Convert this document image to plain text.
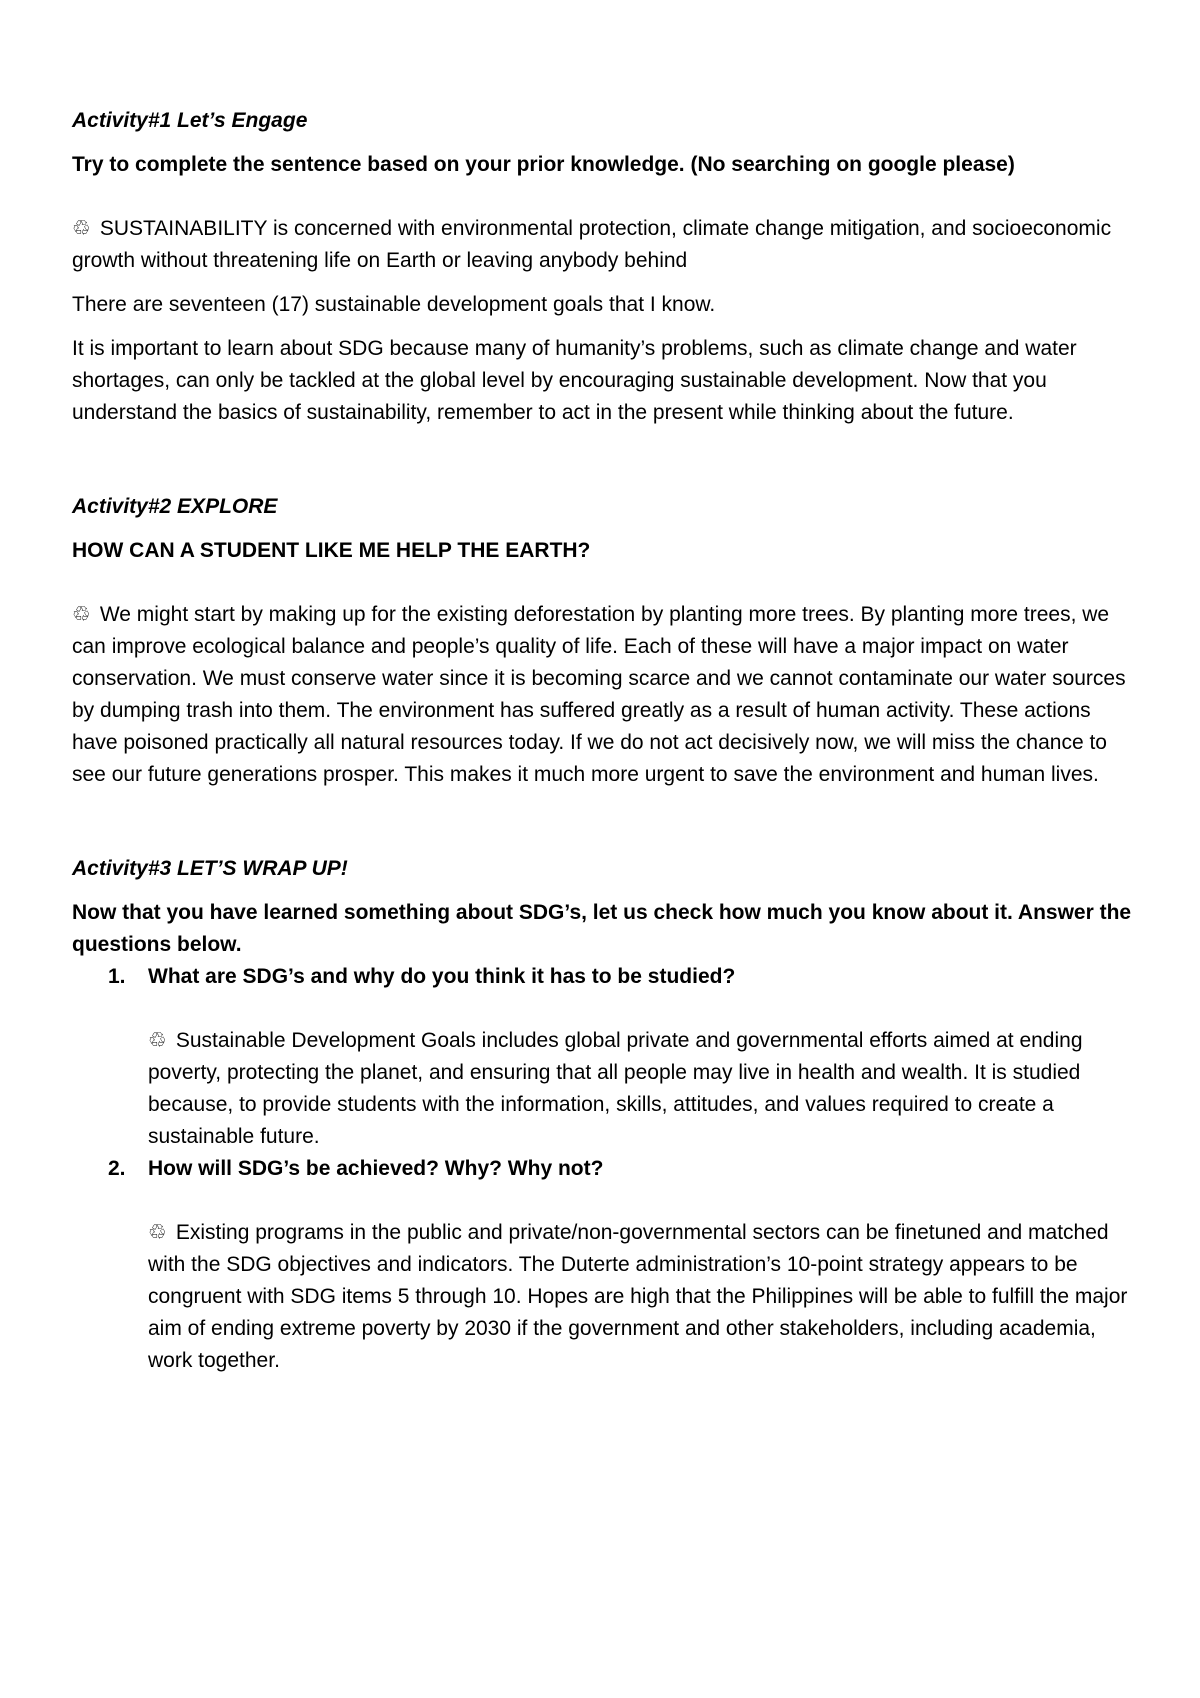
Activity#1 Let’s Engage

Try to complete the sentence based on your prior knowledge. (No searching on google please)

♲ SUSTAINABILITY is concerned with environmental protection, climate change mitigation, and socioeconomic growth without threatening life on Earth or leaving anybody behind

There are seventeen (17) sustainable development goals that I know.

It is important to learn about SDG because many of humanity’s problems, such as climate change and water shortages, can only be tackled at the global level by encouraging sustainable development. Now that you understand the basics of sustainability, remember to act in the present while thinking about the future.

Activity#2 EXPLORE

HOW CAN A STUDENT LIKE ME HELP THE EARTH?

♲ We might start by making up for the existing deforestation by planting more trees. By planting more trees, we can improve ecological balance and people’s quality of life. Each of these will have a major impact on water conservation. We must conserve water since it is becoming scarce and we cannot contaminate our water sources by dumping trash into them. The environment has suffered greatly as a result of human activity. These actions have poisoned practically all natural resources today. If we do not act decisively now, we will miss the chance to see our future generations prosper. This makes it much more urgent to save the environment and human lives.

Activity#3 LET’S WRAP UP!

Now that you have learned something about SDG’s, let us check how much you know about it. Answer the questions below.

1. What are SDG’s and why do you think it has to be studied?

♲ Sustainable Development Goals includes global private and governmental efforts aimed at ending poverty, protecting the planet, and ensuring that all people may live in health and wealth. It is studied because, to provide students with the information, skills, attitudes, and values required to create a sustainable future.

2. How will SDG’s be achieved? Why? Why not?

♲ Existing programs in the public and private/non-governmental sectors can be finetuned and matched with the SDG objectives and indicators. The Duterte administration’s 10-point strategy appears to be congruent with SDG items 5 through 10. Hopes are high that the Philippines will be able to fulfill the major aim of ending extreme poverty by 2030 if the government and other stakeholders, including academia, work together.
